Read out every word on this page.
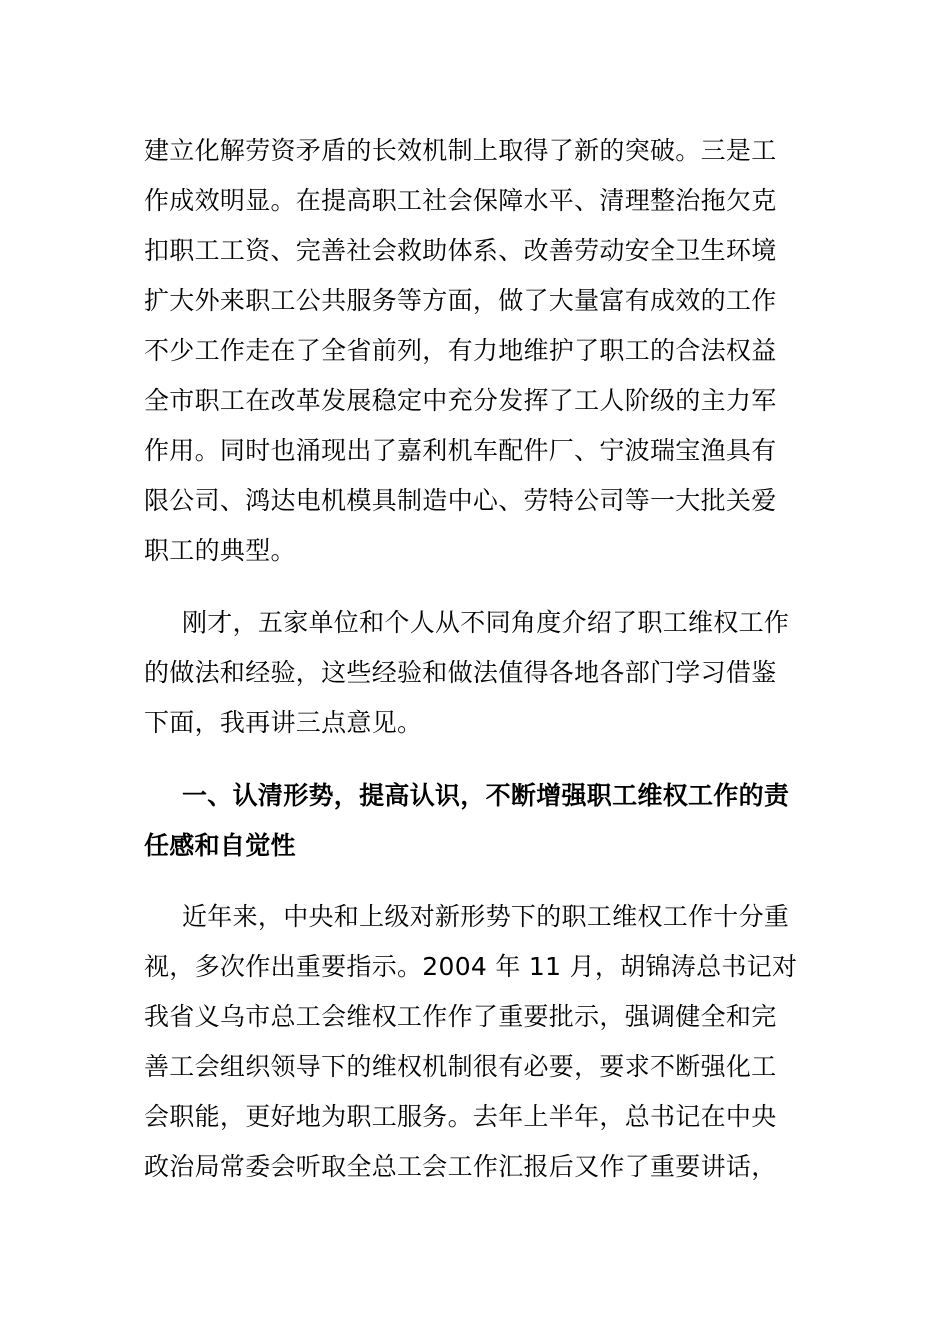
建立化解劳资矛盾的长效机制上取得了新的突破。三是工
作成效明显。在提高职工社会保障水平、清理整治拖欠克
扣职工工资、完善社会救助体系、改善劳动安全卫生环境
扩大外来职工公共服务等方面，做了大量富有成效的工作
不少工作走在了全省前列，有力地维护了职工的合法权益
全市职工在改革发展稳定中充分发挥了工人阶级的主力军
作用。同时也涌现出了嘉利机车配件厂、宁波瑞宝渔具有
限公司、鸿达电机模具制造中心、劳特公司等一大批关爱
职工的典型。
刚才，五家单位和个人从不同角度介绍了职工维权工作
的做法和经验，这些经验和做法值得各地各部门学习借鉴
下面，我再讲三点意见。
一、认清形势，提高认识，不断增强职工维权工作的责
任感和自觉性
近年来，中央和上级对新形势下的职工维权工作十分重
视，多次作出重要指示。2004 年 11 月，胡锦涛总书记对
我省义乌市总工会维权工作作了重要批示，强调健全和完
善工会组织领导下的维权机制很有必要，要求不断强化工
会职能，更好地为职工服务。去年上半年，总书记在中央
政治局常委会听取全总工会工作汇报后又作了重要讲话，
